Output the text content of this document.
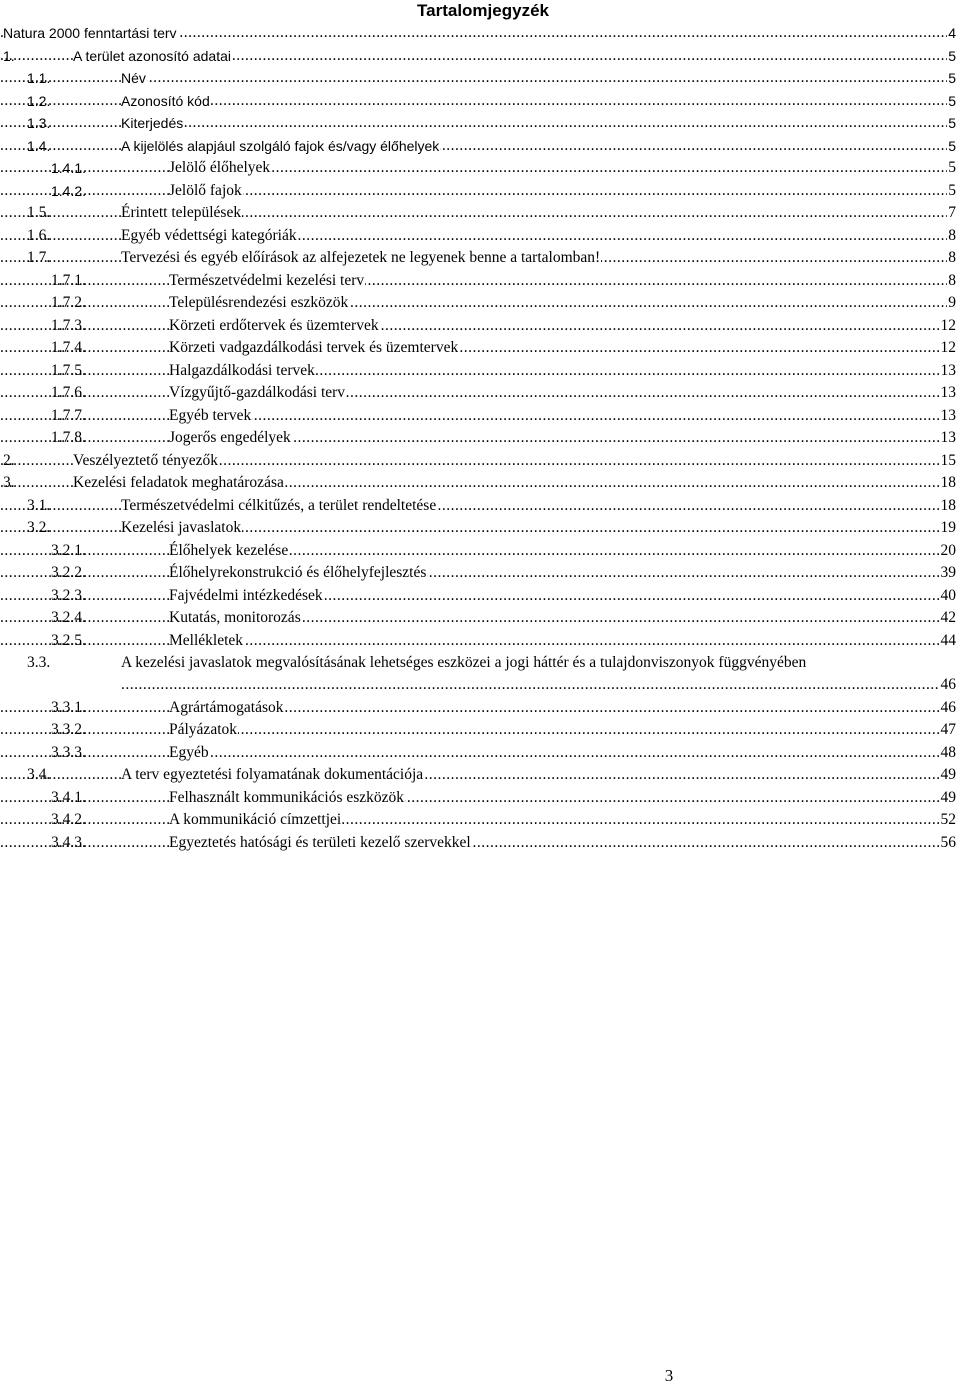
Tartalomjegyzék
.....
Natura 2000 fenntartási terv	4
.....
1.	A terület azonosító adatai	5
.....
1.1.	Név	5
.....
1.2.	Azonosító kód	5
.....
1.3.	Kiterjedés	5
.....
1.4.	A kijelölés alapjául szolgáló fajok és/vagy élőhelyek	5
.....
1.4.1.	Jelölő élőhelyek	5
.....
1.4.2.	Jelölő fajok	5
.....
1.5.	Érintett települések	7
.....
1.6.	Egyéb védettségi kategóriák	8
.....
1.7.	Tervezési és egyéb előírások az alfejezetek ne legyenek benne a tartalomban!	8
.....
1.7.1.	Természetvédelmi kezelési terv	8
.....
1.7.2.	Településrendezési eszközök	9
.....
1.7.3.	Körzeti erdőtervek és üzemtervek	12
.....
1.7.4.	Körzeti vadgazdálkodási tervek és üzemtervek	12
.....
1.7.5.	Halgazdálkodási tervek	13
.....
1.7.6.	Vízgyűjtő-gazdálkodási terv	13
.....
1.7.7.	Egyéb tervek	13
.....
1.7.8.	Jogerős engedélyek	13
.....
2.	Veszélyeztető tényezők	15
.....
3.	Kezelési feladatok meghatározása	18
.....
3.1.	Természetvédelmi célkitűzés, a terület rendeltetése	18
.....
3.2.	Kezelési javaslatok	19
.....
3.2.1.	Élőhelyek kezelése	20
.....
3.2.2.	Élőhelyrekonstrukció és élőhelyfejlesztés	39
.....
3.2.3.	Fajvédelmi intézkedések	40
.....
3.2.4.	Kutatás, monitorozás	42
.....
3.2.5.	Mellékletek	44
.....
3.3.	A kezelési javaslatok megvalósításának lehetséges eszközei a jogi háttér és a tulajdonviszonyok függvényében
46
.....
3.3.1.	Agrártámogatások	46
.....
3.3.2.	Pályázatok	47
.....
3.3.3.	Egyéb	48
.....
3.4.	A terv egyeztetési folyamatának dokumentációja	49
.....
3.4.1.	Felhasznált kommunikációs eszközök	49
.....
3.4.2.	A kommunikáció címzettjei	52
.....
3.4.3.	Egyeztetés hatósági és területi kezelő szervekkel	56
3
